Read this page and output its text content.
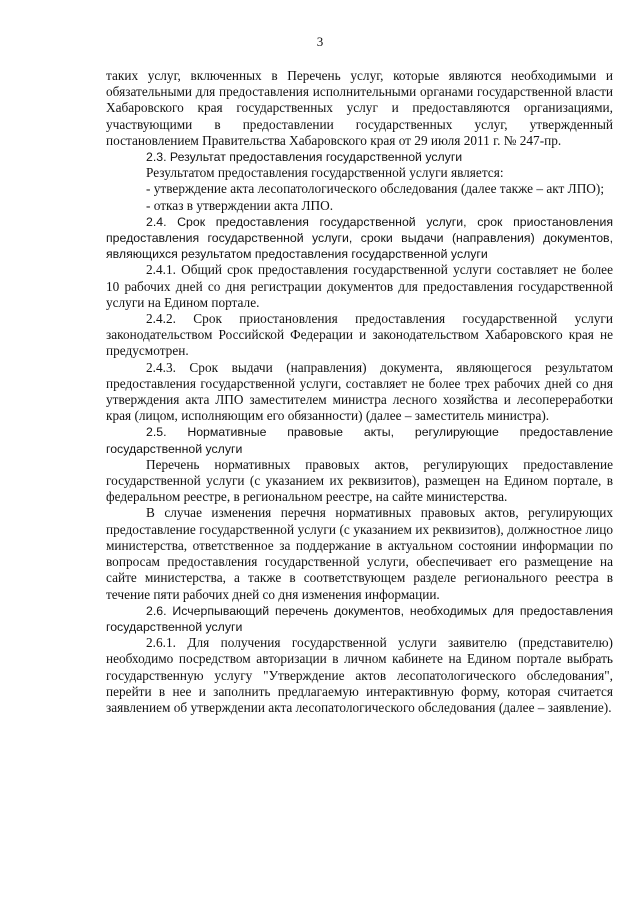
3

таких услуг, включенных в Перечень услуг, которые являются необходимыми и обязательными для предоставления исполнительными органами государственной власти Хабаровского края государственных услуг и предоставляются организациями, участвующими в предоставлении государственных услуг, утвержденный постановлением Правительства Хабаровского края от 29 июля 2011 г. № 247-пр.

2.3. Результат предоставления государственной услуги

Результатом предоставления государственной услуги является:

- утверждение акта лесопатологического обследования (далее также – акт ЛПО);

- отказ в утверждении акта ЛПО.

2.4. Срок предоставления государственной услуги, срок приостановления предоставления государственной услуги, сроки выдачи (направления) документов, являющихся результатом предоставления государственной услуги

2.4.1. Общий срок предоставления государственной услуги составляет не более 10 рабочих дней со дня регистрации документов для предоставления государственной услуги на Едином портале.

2.4.2. Срок приостановления предоставления государственной услуги законодательством Российской Федерации и законодательством Хабаровского края не предусмотрен.

2.4.3. Срок выдачи (направления) документа, являющегося результатом предоставления государственной услуги, составляет не более трех рабочих дней со дня утверждения акта ЛПО заместителем министра лесного хозяйства и лесопереработки края (лицом, исполняющим его обязанности) (далее – заместитель министра).

2.5. Нормативные правовые акты, регулирующие предоставление государственной услуги

Перечень нормативных правовых актов, регулирующих предоставление государственной услуги (с указанием их реквизитов), размещен на Едином портале, в федеральном реестре, в региональном реестре, на сайте министерства.

В случае изменения перечня нормативных правовых актов, регулирующих предоставление государственной услуги (с указанием их реквизитов), должностное лицо министерства, ответственное за поддержание в актуальном состоянии информации по вопросам предоставления государственной услуги, обеспечивает его размещение на сайте министерства, а также в соответствующем разделе регионального реестра в течение пяти рабочих дней со дня изменения информации.

2.6. Исчерпывающий перечень документов, необходимых для предоставления государственной услуги

2.6.1. Для получения государственной услуги заявителю (представителю) необходимо посредством авторизации в личном кабинете на Едином портале выбрать государственную услугу "Утверждение актов лесопатологического обследования", перейти в нее и заполнить предлагаемую интерактивную форму, которая считается заявлением об утверждении акта лесопатологического обследования (далее – заявление).
